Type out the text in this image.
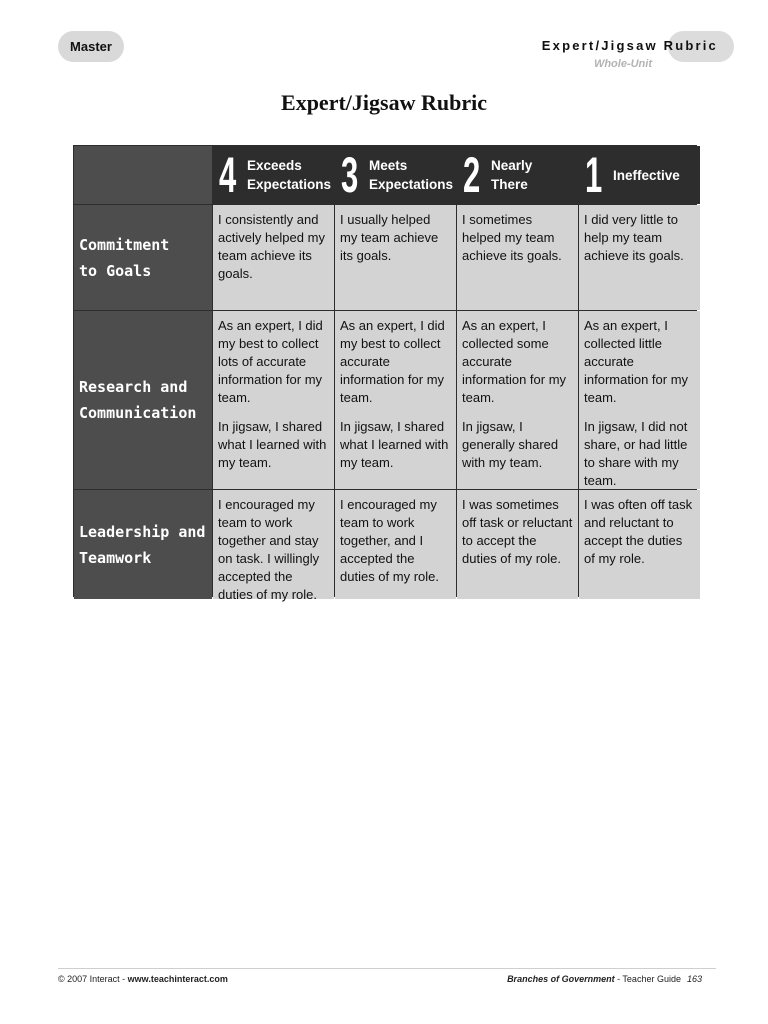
Master	Expert/Jigsaw Rubric
Whole-Unit
Expert/Jigsaw Rubric
4 Exceeds
Expectations 3 Meets
Expectations 2 Nearly
There 1 Ineffective
Commitment
to Goals

I consistently and actively helped my team achieve its goals.

I usually helped my team achieve its goals.

I sometimes helped my team achieve its goals.

I did very little to help my team achieve its goals.

Research and
Communication

As an expert, I did my best to collect lots of accurate information for my team.

In jigsaw, I shared what I learned with my team.

As an expert, I did my best to collect accurate information for my team.

In jigsaw, I shared what I learned with my team.

As an expert, I collected some accurate information for my team.

In jigsaw, I generally shared with my team.

As an expert, I collected little accurate information for my team.

In jigsaw, I did not share, or had little to share with my team.

Leadership and
Teamwork

I encouraged my team to work together and stay on task. I willingly accepted the duties of my role.

I encouraged my team to work together, and I accepted the duties of my role.

I was sometimes off task or reluctant to accept the duties of my role.

I was often off task and reluctant to accept the duties of my role.

© 2007 Interact - www.teachinteract.com	Branches of Government - Teacher Guide 163
